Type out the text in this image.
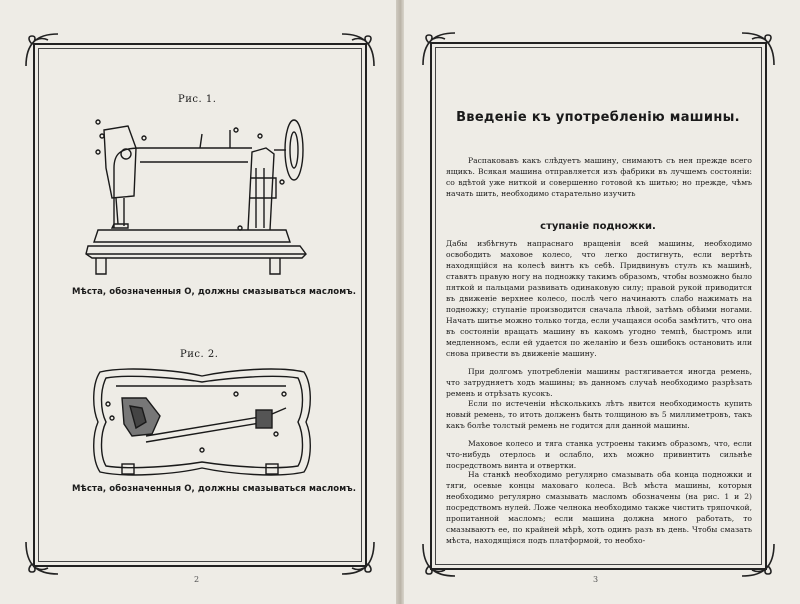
Рис. 1.
Мѣста, обозначенныя О, должны смазываться масломъ.
Рис. 2.
Мѣста, обозначенныя О, должны смазываться масломъ.
2
Введеніе къ употребленію машины.
Распаковавъ какъ слѣдуетъ машину, снимаютъ съ нея прежде всего ящикъ. Всякая машина отправляется изъ фабрики въ лучшемъ состояніи: со вдѣтой уже ниткой и совершенно готовой къ шитью; но прежде, чѣмъ начать шить, необходимо старательно изучить
ступаніе подножки.
Дабы избѣгнуть напраснаго вращенія всей машины, необходимо освободить маховое колесо, что легко достигнуть, если вертѣть находящійся на колесѣ винтъ къ себѣ. Придвинувъ стулъ къ машинѣ, ставятъ правую ногу на подножку такимъ образомъ, чтобы возможно было пяткой и пальцами развивать одинаковую силу; правой рукой приводится въ движеніе верхнее колесо, послѣ чего начинаютъ слабо нажимать на подножку; ступаніе производится сначала лѣвой, затѣмъ обѣими ногами. Начать шитье можно только тогда, если учащаяся особа замѣтитъ, что она въ состояніи вращать машину въ какомъ угодно темпѣ, быстромъ или медленномъ, если ей удается по желанію и безъ ошибокъ остановить или снова привести въ движеніе машину.
При долгомъ употребленіи машины растягивается иногда ремень, что затрудняетъ ходъ машины; въ данномъ случаѣ необходимо разрѣзать ремень и отрѣзать кусокъ.
Если по истеченіи нѣсколькихъ лѣтъ явится необходимость купить новый ремень, то итоть долженъ быть толщиною въ 5 миллиметровъ, такъ какъ болѣе толстый ремень не годится для данной машины.
Маховое колесо и тяга станка устроены такимъ образомъ, что, если что-нибудь отерлось и ослабло, ихъ можно привинтить сильнѣе посредствомъ винта и отвертки.
На станкѣ необходимо регулярно смазывать оба конца подножки и тяги, осевые концы маховаго колеса. Всѣ мѣста машины, которыя необходимо регулярно смазывать масломъ обозначены (на рис. 1 и 2) посредствомъ нулей. Ложе челнока необходимо также чистить тряпочкой, пропитанной масломъ; если машина должна много работать, то смазываютъ ее, по крайней мѣрѣ, хоть одинъ разъ въ день. Чтобы смазать мѣста, находящіяся подъ платформой, то необхо-
3
